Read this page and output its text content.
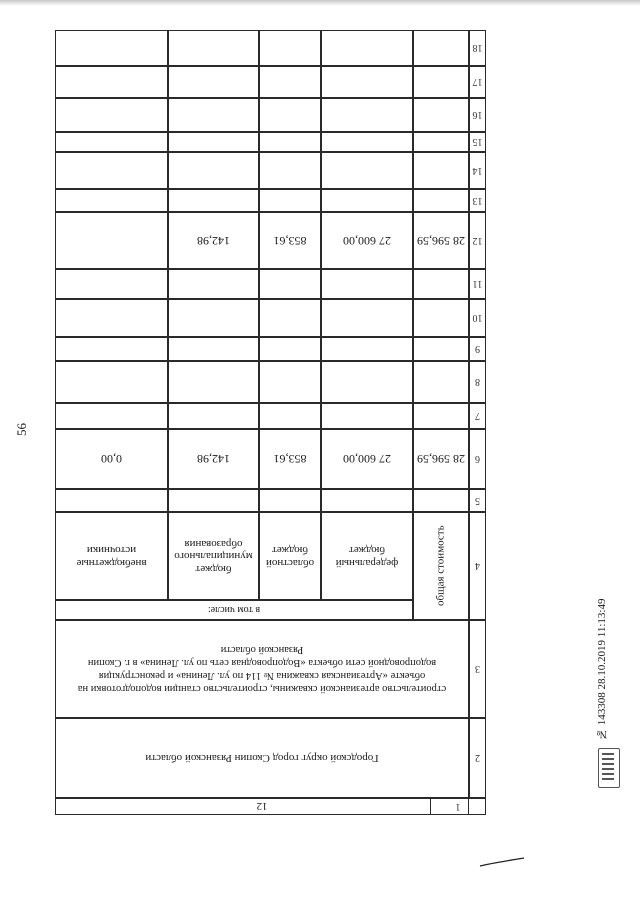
56
1
2
3
4
5
6
7
8
9
10
11
12
13
14
15
16
17
18
12
Городской округ город Скопин Рязанской области
строительство артезианской скважины, строительство станции водоподготовки на объекте «Артезианская скважина № 114 по ул. Ленина» и реконструкция водопроводной сети объекта «Водопроводная сеть по ул. Ленина» в г. Скопин Рязанской области
общая стоимость
в том числе:
федеральный бюджет
областной бюджет
бюджет муниципального образования
внебюджетные источники
28 596,59
27 600,00
853,61
142,98
0,00
28 596,59
27 600,00
853,61
142,98
№ 143308 28.10.2019 11:13:49
